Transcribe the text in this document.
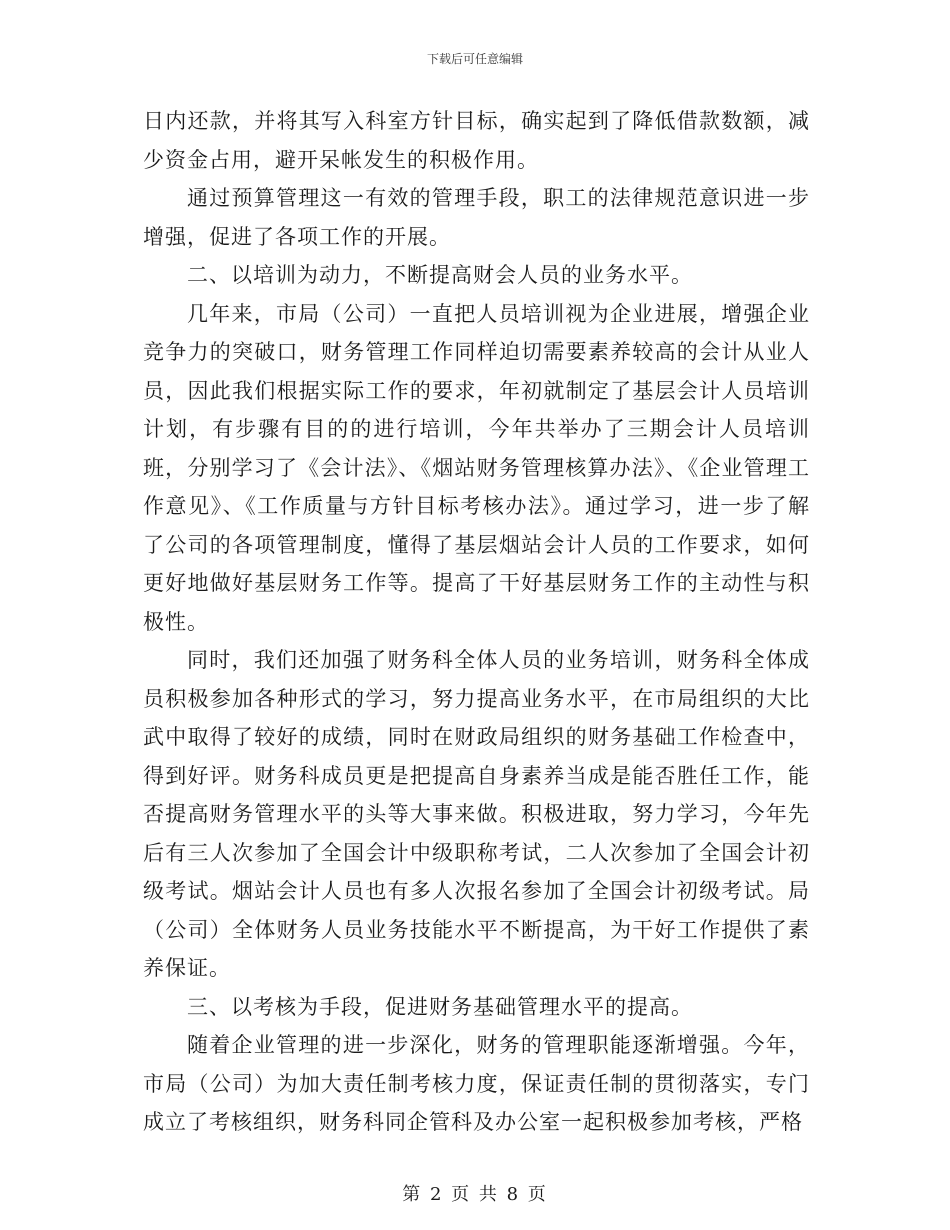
下载后可任意编辑

日内还款，并将其写入科室方针目标，确实起到了降低借款数额，减少资金占用，避开呆帐发生的积极作用。

通过预算管理这一有效的管理手段，职工的法律规范意识进一步增强，促进了各项工作的开展。

二、以培训为动力，不断提高财会人员的业务水平。

几年来，市局（公司）一直把人员培训视为企业进展，增强企业竞争力的突破口，财务管理工作同样迫切需要素养较高的会计从业人员，因此我们根据实际工作的要求，年初就制定了基层会计人员培训计划，有步骤有目的的进行培训，今年共举办了三期会计人员培训班，分别学习了《会计法》、《烟站财务管理核算办法》、《企业管理工作意见》、《工作质量与方针目标考核办法》。通过学习，进一步了解了公司的各项管理制度，懂得了基层烟站会计人员的工作要求，如何更好地做好基层财务工作等。提高了干好基层财务工作的主动性与积极性。

同时，我们还加强了财务科全体人员的业务培训，财务科全体成员积极参加各种形式的学习，努力提高业务水平，在市局组织的大比武中取得了较好的成绩，同时在财政局组织的财务基础工作检查中，得到好评。财务科成员更是把提高自身素养当成是能否胜任工作，能否提高财务管理水平的头等大事来做。积极进取，努力学习，今年先后有三人次参加了全国会计中级职称考试，二人次参加了全国会计初级考试。烟站会计人员也有多人次报名参加了全国会计初级考试。局（公司）全体财务人员业务技能水平不断提高，为干好工作提供了素养保证。

三、以考核为手段，促进财务基础管理水平的提高。

随着企业管理的进一步深化，财务的管理职能逐渐增强。今年，市局（公司）为加大责任制考核力度，保证责任制的贯彻落实，专门成立了考核组织，财务科同企管科及办公室一起积极参加考核，严格

第 2 页 共 8 页
